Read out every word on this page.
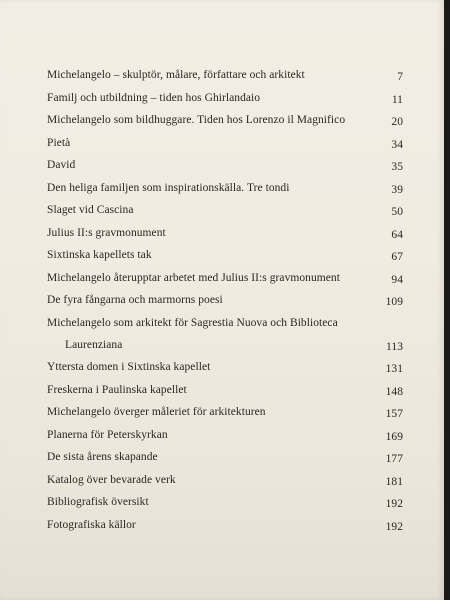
Michelangelo – skulptör, målare, författare och arkitekt	7
Familj och utbildning – tiden hos Ghirlandaio	11
Michelangelo som bildhuggare. Tiden hos Lorenzo il Magnifico	20
Pietà	34
David	35
Den heliga familjen som inspirationskälla. Tre tondi	39
Slaget vid Cascina	50
Julius II:s gravmonument	64
Sixtinska kapellets tak	67
Michelangelo återupptar arbetet med Julius II:s gravmonument	94
De fyra fångarna och marmorns poesi	109
Michelangelo som arkitekt för Sagrestia Nuova och Biblioteca
Laurenziana	113
Yttersta domen i Sixtinska kapellet	131
Freskerna i Paulinska kapellet	148
Michelangelo överger måleriet för arkitekturen	157
Planerna för Peterskyrkan	169
De sista årens skapande	177
Katalog över bevarade verk	181
Bibliografisk översikt	192
Fotografiska källor	192
